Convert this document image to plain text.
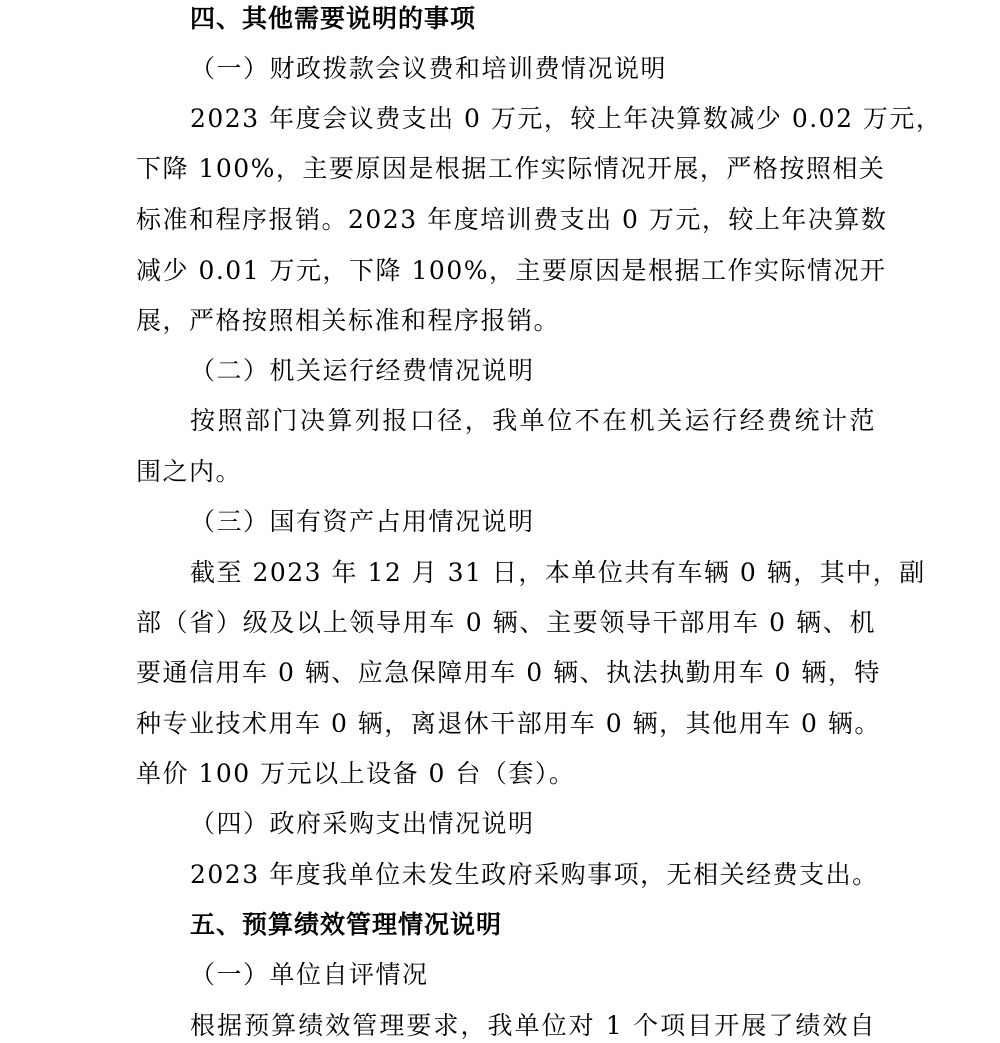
四、其他需要说明的事项
（一）财政拨款会议费和培训费情况说明
2023 年度会议费支出 0 万元，较上年决算数减少 0.02 万元，
下降 100%，主要原因是根据工作实际情况开展，严格按照相关
标准和程序报销。2023 年度培训费支出 0 万元，较上年决算数
减少 0.01 万元，下降 100%，主要原因是根据工作实际情况开
展，严格按照相关标准和程序报销。
（二）机关运行经费情况说明
按照部门决算列报口径，我单位不在机关运行经费统计范
围之内。
（三）国有资产占用情况说明
截至 2023 年 12 月 31 日，本单位共有车辆 0 辆，其中，副
部（省）级及以上领导用车 0 辆、主要领导干部用车 0 辆、机
要通信用车 0 辆、应急保障用车 0 辆、执法执勤用车 0 辆，特
种专业技术用车 0 辆，离退休干部用车 0 辆，其他用车 0 辆。
单价 100 万元以上设备 0 台（套）。
（四）政府采购支出情况说明
2023 年度我单位未发生政府采购事项，无相关经费支出。
五、预算绩效管理情况说明
（一）单位自评情况
根据预算绩效管理要求，我单位对 1 个项目开展了绩效自
